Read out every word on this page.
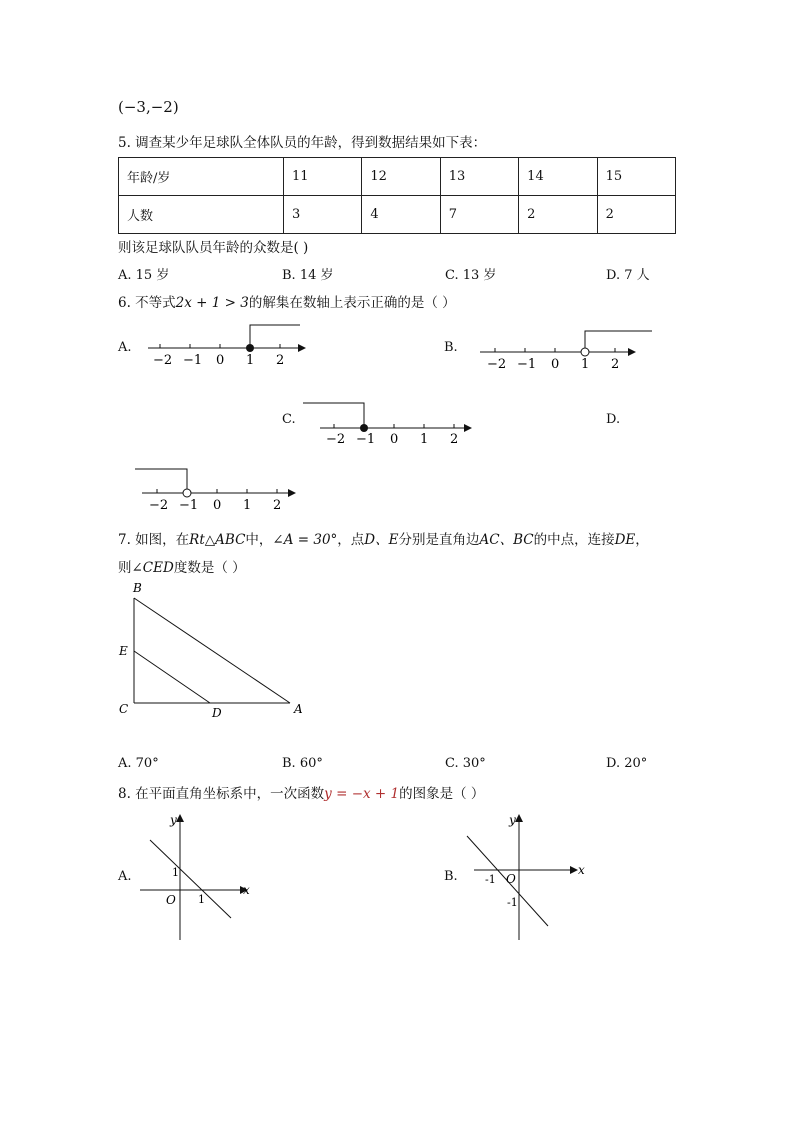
(−3,−2)
5. 调查某少年足球队全体队员的年龄，得到数据结果如下表：
年龄/岁	11	12	13	14	15
人数	3	4	7	2	2
则该足球队队员年龄的众数是( )
A. 15 岁	B. 14 岁	C. 13 岁	D. 7 人
6. 不等式2x + 1 > 3的解集在数轴上表示正确的是（ ）
A.	B.
C.	D.
−2 −1 0 1 2	−2 −1 0 1 2
−2 −1 0 1 2
−2 −1 0 1 2
7. 如图，在Rt△ABC中，∠A = 30°，点D、E分别是直角边AC、BC的中点，连接DE，
则∠CED度数是（ ）
B
E
C	D	A
A. 70°	B. 60°	C. 30°	D. 20°
8. 在平面直角坐标系中，一次函数y = −x + 1的图象是（ ）
A.	B.
y
x
O
1
1
y
x
O
-1
-1
